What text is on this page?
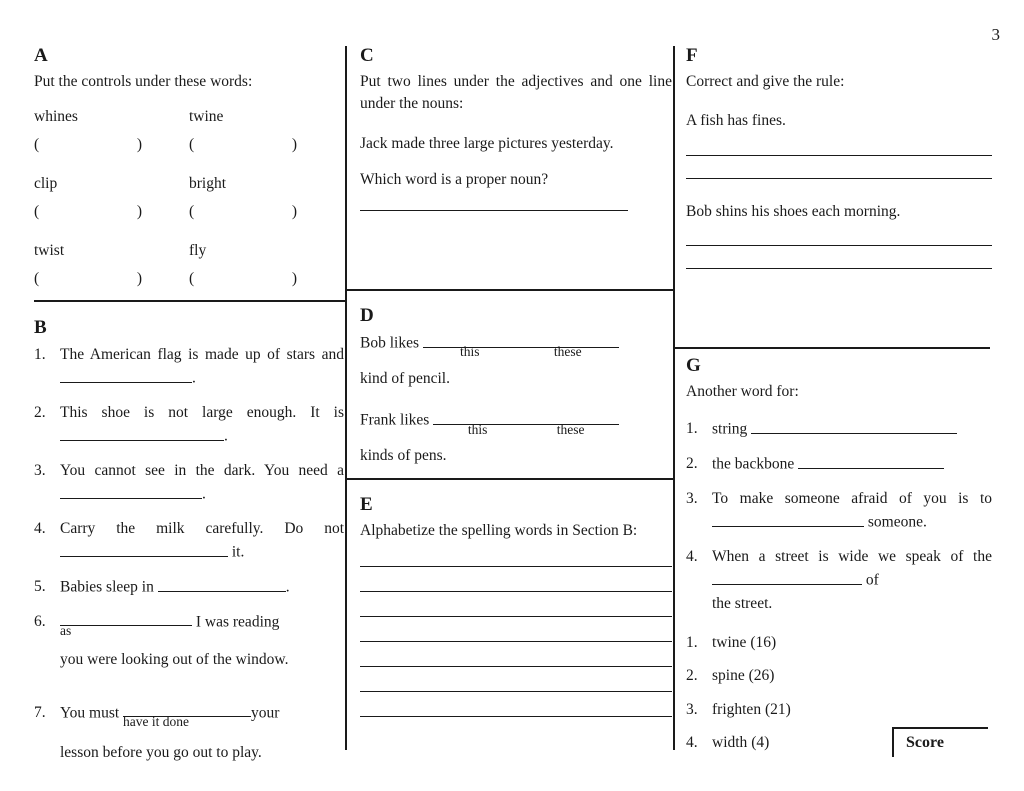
3
A
Put the controls under these words:
whines	twine

( )	( )

clip	bright

( )	( )

twist	fly

( )	( )
B
1. The American flag is made up of stars and .
2. This shoe is not large enough. It is .
3. You cannot see in the dark. You need a .
4. Carry the milk carefully. Do not  it.
5. Babies sleep in	.
6.
as
I was reading
you were looking out of the window.
7. You must
have it done
your
lesson before you go out to play.
C
Put two lines under the adjectives and one line under the nouns:
Jack made three large pictures yesterday.
Which word is a proper noun?
D
Bob likes
this	these
kind of pencil.
Frank likes
this	these
kinds of pens.
E
Alphabetize the spelling words in Section B:
F
Correct and give the rule:
A fish has fines.
Bob shins his shoes each morning.
G
Another word for:
1. string
2. the backbone
3. To make someone afraid of you is to  someone.
4. When a street is wide we speak of the  of
the street.
1. twine (16)
2. spine (26)
3. frighten (21)
4. width (4)	Score
